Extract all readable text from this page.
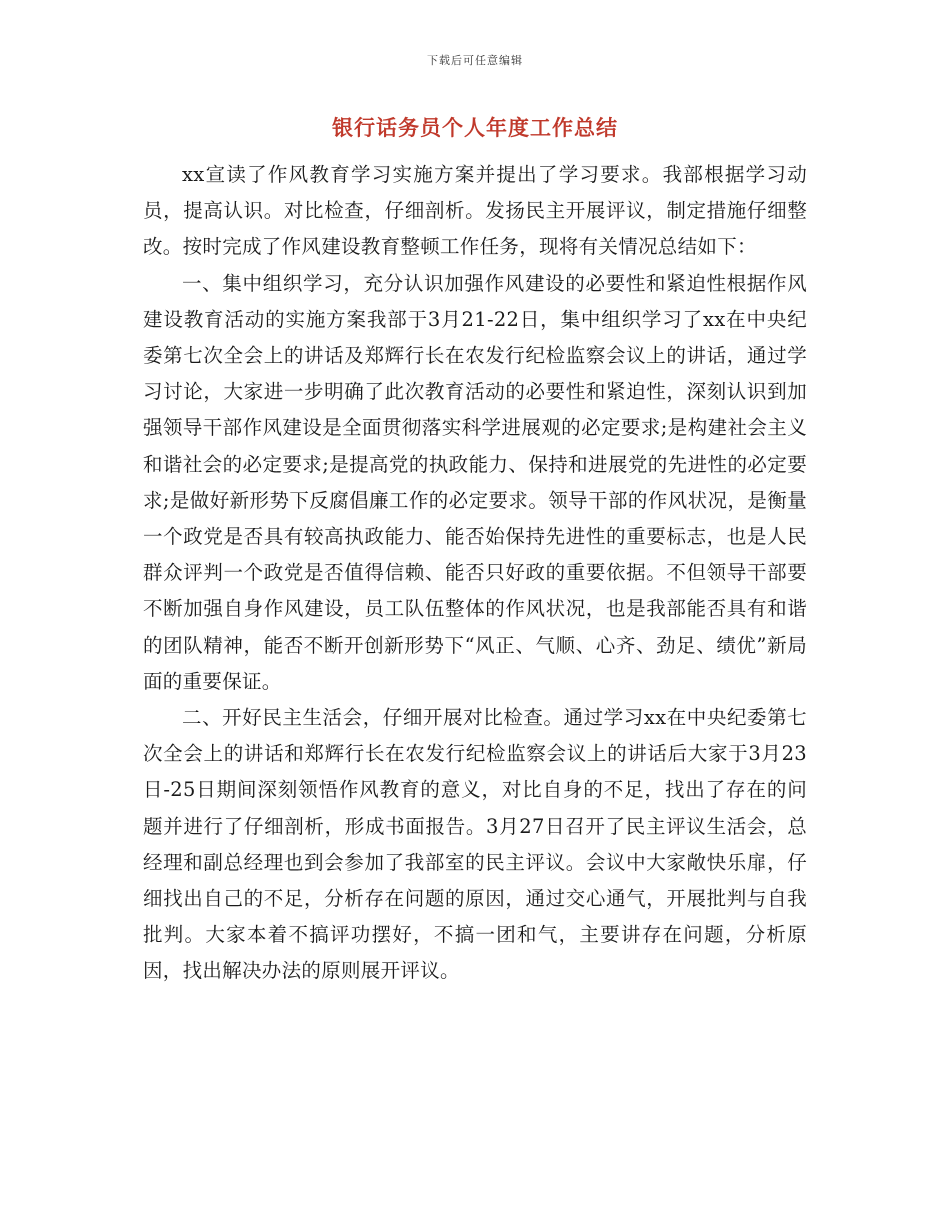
下载后可任意编辑
银行话务员个人年度工作总结

xx宣读了作风教育学习实施方案并提出了学习要求。我部根据学习动员，提高认识。对比检查，仔细剖析。发扬民主开展评议，制定措施仔细整改。按时完成了作风建设教育整顿工作任务，现将有关情况总结如下：

一、集中组织学习，充分认识加强作风建设的必要性和紧迫性根据作风建设教育活动的实施方案我部于3月21-22日，集中组织学习了xx在中央纪委第七次全会上的讲话及郑辉行长在农发行纪检监察会议上的讲话，通过学习讨论，大家进一步明确了此次教育活动的必要性和紧迫性，深刻认识到加强领导干部作风建设是全面贯彻落实科学进展观的必定要求;是构建社会主义和谐社会的必定要求;是提高党的执政能力、保持和进展党的先进性的必定要求;是做好新形势下反腐倡廉工作的必定要求。领导干部的作风状况，是衡量一个政党是否具有较高执政能力、能否始保持先进性的重要标志，也是人民群众评判一个政党是否值得信赖、能否只好政的重要依据。不但领导干部要不断加强自身作风建设，员工队伍整体的作风状况，也是我部能否具有和谐的团队精神，能否不断开创新形势下“风正、气顺、心齐、劲足、绩优”新局面的重要保证。

二、开好民主生活会，仔细开展对比检查。通过学习xx在中央纪委第七次全会上的讲话和郑辉行长在农发行纪检监察会议上的讲话后大家于3月23日-25日期间深刻领悟作风教育的意义，对比自身的不足，找出了存在的问题并进行了仔细剖析，形成书面报告。3月27日召开了民主评议生活会，总经理和副总经理也到会参加了我部室的民主评议。会议中大家敞快乐扉，仔细找出自己的不足，分析存在问题的原因，通过交心通气，开展批判与自我批判。大家本着不搞评功摆好，不搞一团和气，主要讲存在问题，分析原因，找出解决办法的原则展开评议。
